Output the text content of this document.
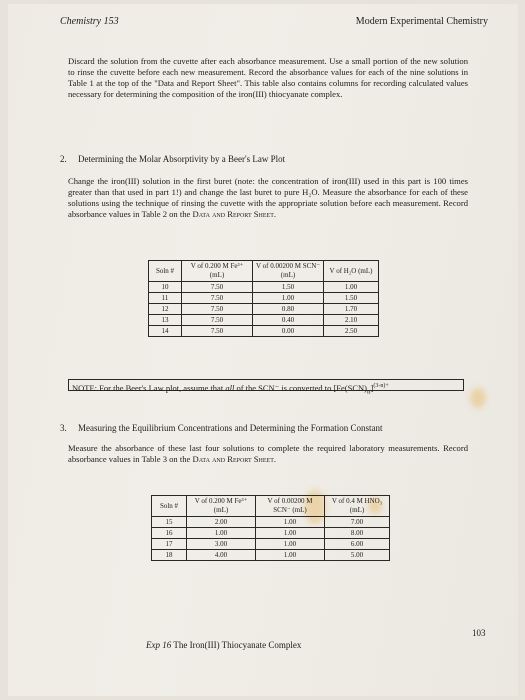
Chemistry 153	Modern Experimental Chemistry
Discard the solution from the cuvette after each absorbance measurement. Use a small portion of the new solution to rinse the cuvette before each new measurement. Record the absorbance values for each of the nine solutions in Table 1 at the top of the "Data and Report Sheet". This table also contains columns for recording calculated values necessary for determining the composition of the iron(III) thiocyanate complex.
2. Determining the Molar Absorptivity by a Beer's Law Plot
Change the iron(III) solution in the first buret (note: the concentration of iron(III) used in this part is 100 times greater than that used in part 1!) and change the last buret to pure H₂O. Measure the absorbance for each of these solutions using the technique of rinsing the cuvette with the appropriate solution before each measurement. Record absorbance values in Table 2 on the Data and Report Sheet.
Soln #	V of 0.200 M Fe³⁺ (mL)	V of 0.00200 M SCN⁻ (mL)	V of H₂O (mL)
10	7.50	1.50	1.00
11	7.50	1.00	1.50
12	7.50	0.80	1.70
13	7.50	0.40	2.10
14	7.50	0.00	2.50
NOTE: For the Beer's Law plot, assume that all of the SCN⁻ is converted to $[Fe(SCN)_n]^{(3-n)+}$.
3. Measuring the Equilibrium Concentrations and Determining the Formation Constant
Measure the absorbance of these last four solutions to complete the required laboratory measurements. Record absorbance values in Table 3 on the Data and Report Sheet.
Soln #	V of 0.200 M Fe³⁺ (mL)	V of 0.00200 M SCN⁻ (mL)	V of 0.4 M HNO₃ (mL)
15	2.00	1.00	7.00
16	1.00	1.00	8.00
17	3.00	1.00	6.00
18	4.00	1.00	5.00
Exp 16 The Iron(III) Thiocyanate Complex
103
